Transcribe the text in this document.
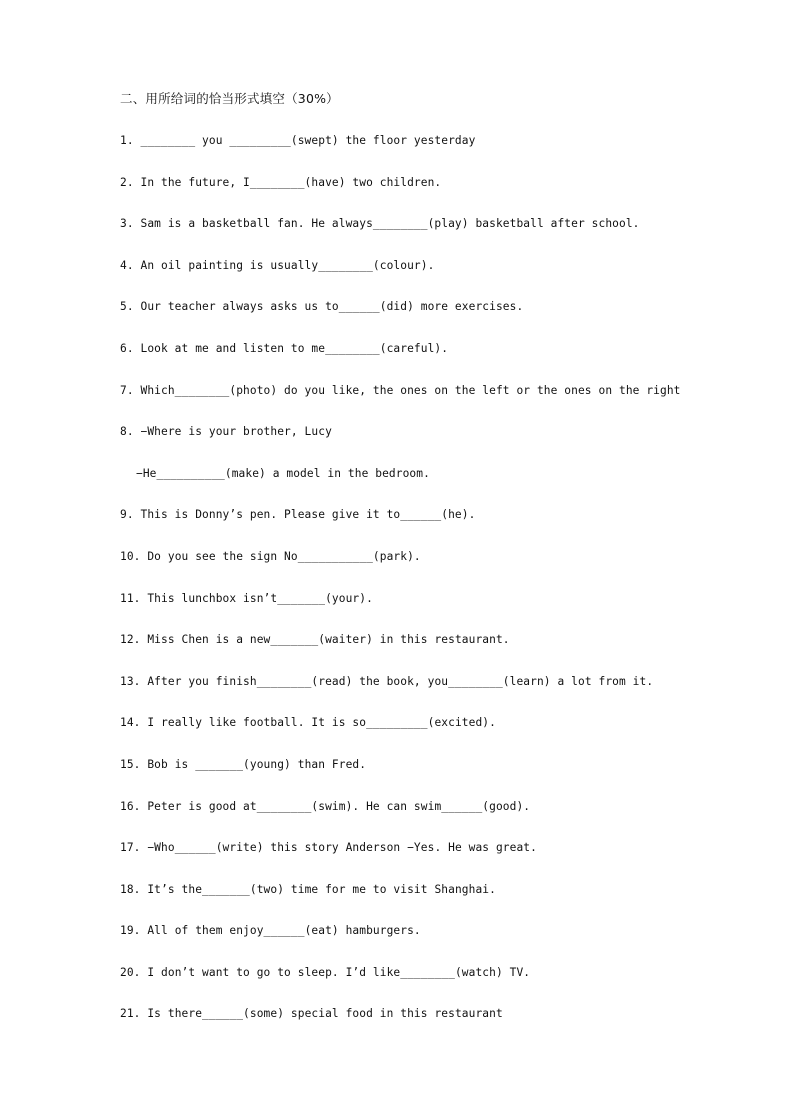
二、用所给词的恰当形式填空（30%）
1. ________ you _________(swept) the floor yesterday
2. In the future, I________(have) two children.
3. Sam is a basketball fan. He always________(play) basketball after school.
4. An oil painting is usually________(colour).
5. Our teacher always asks us to______(did) more exercises.
6. Look at me and listen to me________(careful).
7. Which________(photo) do you like, the ones on the left or the ones on the right
8. −Where is your brother, Lucy
−He__________(make) a model in the bedroom.
9. This is Donny’s pen. Please give it to______(he).
10. Do you see the sign No___________(park).
11. This lunchbox isn’t_______(your).
12. Miss Chen is a new_______(waiter) in this restaurant.
13. After you finish________(read) the book, you________(learn) a lot from it.
14. I really like football. It is so_________(excited).
15. Bob is _______(young) than Fred.
16. Peter is good at________(swim). He can swim______(good).
17. −Who______(write) this story Anderson −Yes. He was great.
18. It’s the_______(two) time for me to visit Shanghai.
19. All of them enjoy______(eat) hamburgers.
20. I don’t want to go to sleep. I’d like________(watch) TV.
21. Is there______(some) special food in this restaurant
